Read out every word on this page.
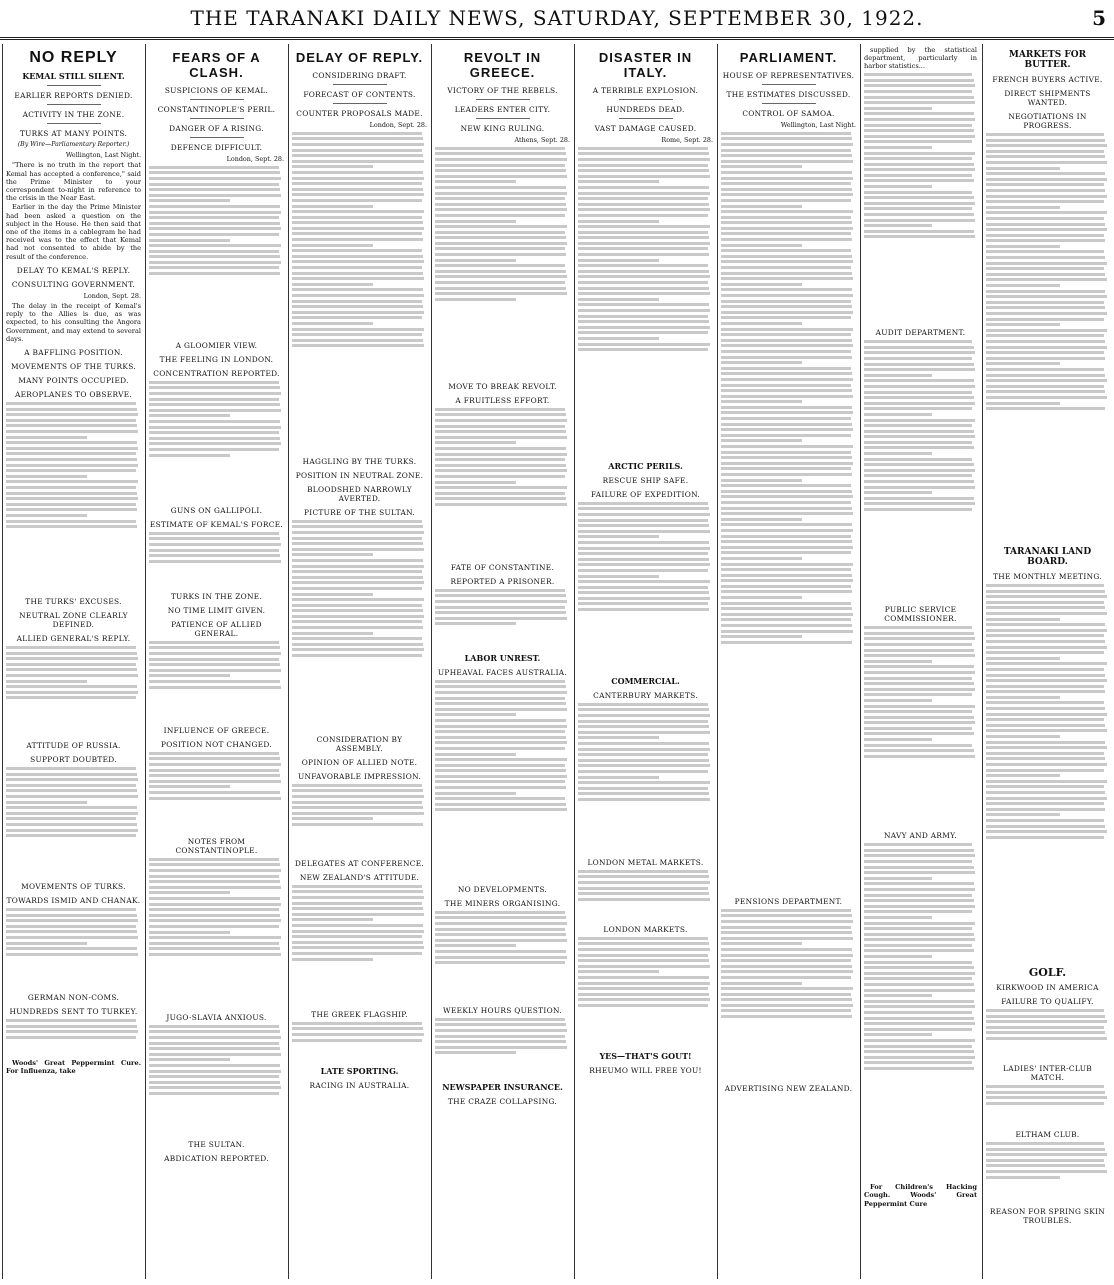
THE TARANAKI DAILY NEWS, SATURDAY, SEPTEMBER 30, 1922.	5
NO REPLY
KEMAL STILL SILENT.
EARLIER REPORTS DENIED.
ACTIVITY IN THE ZONE.
TURKS AT MANY POINTS.
(By Wire—Parliamentary Reporter.)
Wellington, Last Night.

"There is no truth in the report that Kemal has accepted a conference," said the Prime Minister to your correspondent to-night in reference to the crisis in the Near East.

Earlier in the day the Prime Minister had been asked a question on the subject in the House. He then said that one of the items in a cablegram he had received was to the effect that Kemal had not consented to abide by the result of the conference.

DELAY TO KEMAL'S REPLY.
CONSULTING GOVERNMENT.
London, Sept. 28.

The delay in the receipt of Kemal's reply to the Allies is due, as was expected, to his consulting the Angora Government, and may extend to several days.

A BAFFLING POSITION.
MOVEMENTS OF THE TURKS.
MANY POINTS OCCUPIED.
AEROPLANES TO OBSERVE.
THE TURKS' EXCUSES.
NEUTRAL ZONE CLEARLY DEFINED.
ALLIED GENERAL'S REPLY.
ATTITUDE OF RUSSIA.
SUPPORT DOUBTED.
MOVEMENTS OF TURKS.
TOWARDS ISMID AND CHANAK.
GERMAN NON-COMS.
HUNDREDS SENT TO TURKEY.

Woods' Great Peppermint Cure. For Influenza, take

FEARS OF A CLASH.
SUSPICIONS OF KEMAL.
CONSTANTINOPLE'S PERIL.
DANGER OF A RISING.
DEFENCE DIFFICULT.
London, Sept. 28.
A GLOOMIER VIEW.
THE FEELING IN LONDON.
CONCENTRATION REPORTED.
GUNS ON GALLIPOLI.
ESTIMATE OF KEMAL'S FORCE.
TURKS IN THE ZONE.
NO TIME LIMIT GIVEN.
PATIENCE OF ALLIED GENERAL.
INFLUENCE OF GREECE.
POSITION NOT CHANGED.
NOTES FROM CONSTANTINOPLE.
JUGO-SLAVIA ANXIOUS.
THE SULTAN.
ABDICATION REPORTED.
DELAY OF REPLY.
CONSIDERING DRAFT.
FORECAST OF CONTENTS.
COUNTER PROPOSALS MADE.
London, Sept. 28.
HAGGLING BY THE TURKS.
POSITION IN NEUTRAL ZONE.
BLOODSHED NARROWLY AVERTED.
PICTURE OF THE SULTAN.
CONSIDERATION BY ASSEMBLY.
OPINION OF ALLIED NOTE.
UNFAVORABLE IMPRESSION.
DELEGATES AT CONFERENCE.
NEW ZEALAND'S ATTITUDE.
THE GREEK FLAGSHIP.
LATE SPORTING.
RACING IN AUSTRALIA.
REVOLT IN GREECE.
VICTORY OF THE REBELS.
LEADERS ENTER CITY.
NEW KING RULING.
Athens, Sept. 28.
MOVE TO BREAK REVOLT.
A FRUITLESS EFFORT.
FATE OF CONSTANTINE.
REPORTED A PRISONER.
LABOR UNREST.
UPHEAVAL FACES AUSTRALIA.
NO DEVELOPMENTS.
THE MINERS ORGANISING.
WEEKLY HOURS QUESTION.
NEWSPAPER INSURANCE.
THE CRAZE COLLAPSING.
DISASTER IN ITALY.
A TERRIBLE EXPLOSION.
HUNDREDS DEAD.
VAST DAMAGE CAUSED.
Rome, Sept. 28.
ARCTIC PERILS.
RESCUE SHIP SAFE.
FAILURE OF EXPEDITION.
COMMERCIAL.
CANTERBURY MARKETS.
LONDON METAL MARKETS.
LONDON MARKETS.
YES—THAT'S GOUT!
RHEUMO WILL FREE YOU!
PARLIAMENT.
HOUSE OF REPRESENTATIVES.
THE ESTIMATES DISCUSSED.
CONTROL OF SAMOA.
Wellington, Last Night.
PENSIONS DEPARTMENT.
ADVERTISING NEW ZEALAND.

supplied by the statistical department, particularly in harbor statistics...

AUDIT DEPARTMENT.
PUBLIC SERVICE COMMISSIONER.
NAVY AND ARMY.

For Children's Hacking Cough. Woods' Great Peppermint Cure

MARKETS FOR BUTTER.
FRENCH BUYERS ACTIVE.
DIRECT SHIPMENTS WANTED.
NEGOTIATIONS IN PROGRESS.
TARANAKI LAND BOARD.
THE MONTHLY MEETING.
GOLF.
KIRKWOOD IN AMERICA
FAILURE TO QUALIFY.
LADIES' INTER-CLUB MATCH.
ELTHAM CLUB.
REASON FOR SPRING SKIN TROUBLES.
